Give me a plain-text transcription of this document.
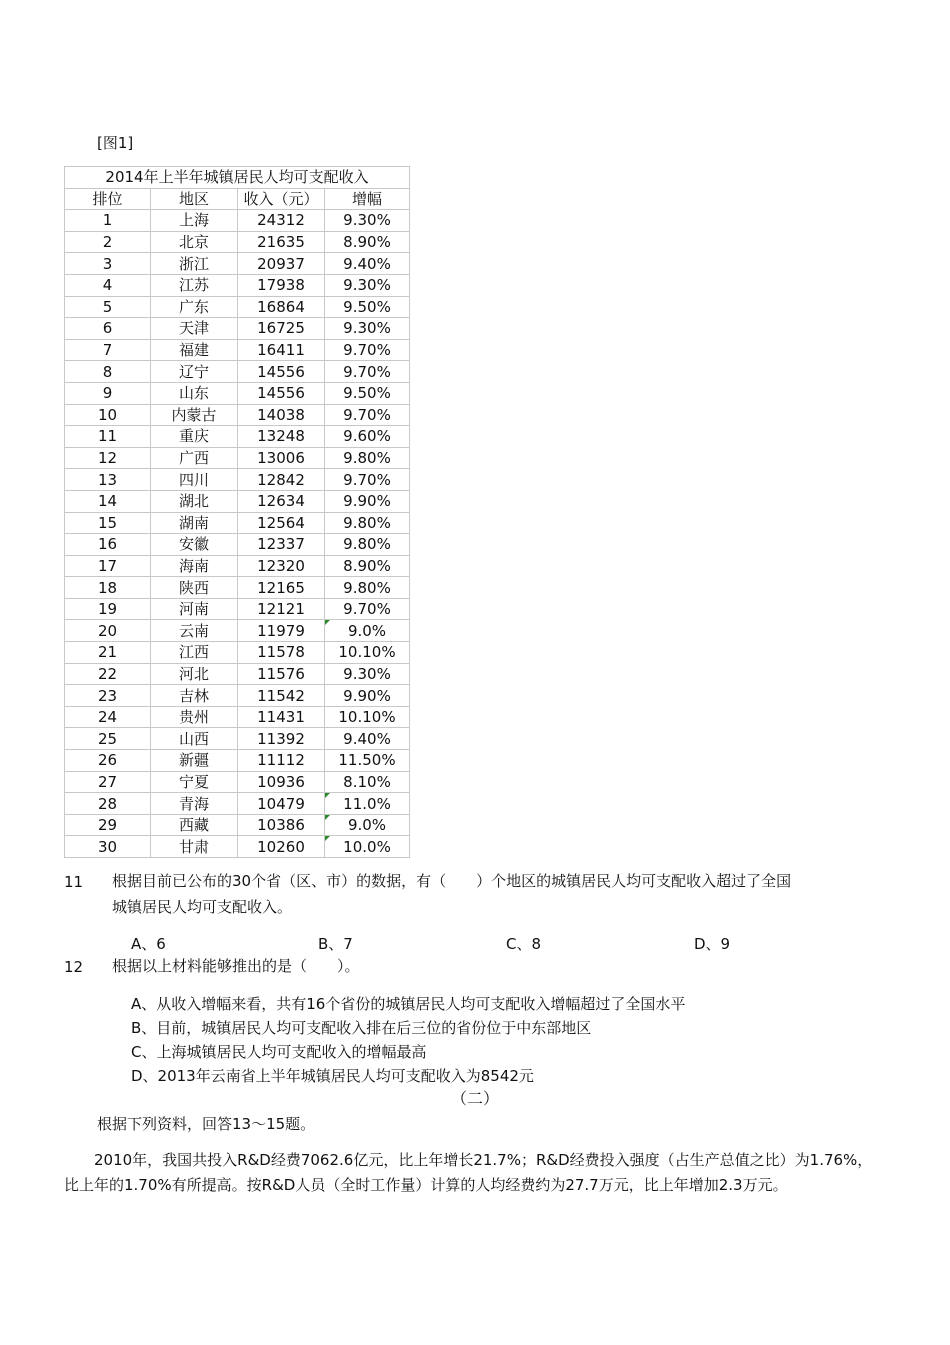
[图1]
2014年上半年城镇居民人均可支配收入			
排位	地区	收入（元）	增幅
1	上海	24312	9.30%
2	北京	21635	8.90%
3	浙江	20937	9.40%
4	江苏	17938	9.30%
5	广东	16864	9.50%
6	天津	16725	9.30%
7	福建	16411	9.70%
8	辽宁	14556	9.70%
9	山东	14556	9.50%
10	内蒙古	14038	9.70%
11	重庆	13248	9.60%
12	广西	13006	9.80%
13	四川	12842	9.70%
14	湖北	12634	9.90%
15	湖南	12564	9.80%
16	安徽	12337	9.80%
17	海南	12320	8.90%
18	陕西	12165	9.80%
19	河南	12121	9.70%
20	云南	11979	9.0%

21	江西	11578	10.10%
22	河北	11576	9.30%
23	吉林	11542	9.90%
24	贵州	11431	10.10%
25	山西	11392	9.40%
26	新疆	11112	11.50%
27	宁夏	10936	8.10%
28	青海	10479	11.0%

29	西藏	10386	9.0%

30	甘肃	10260	10.0%
11 根据目前已公布的30个省（区、市）的数据，有（　　）个地区的城镇居民人均可支配收入超过了全国
城镇居民人均可支配收入。
A、6	B、7	C、8	D、9
12 根据以上材料能够推出的是（　　）。
A、从收入增幅来看，共有16个省份的城镇居民人均可支配收入增幅超过了全国水平
B、目前，城镇居民人均可支配收入排在后三位的省份位于中东部地区
C、上海城镇居民人均可支配收入的增幅最高
D、2013年云南省上半年城镇居民人均可支配收入为8542元
（二）
根据下列资料，回答13～15题。
　　2010年，我国共投入R&D经费7062.6亿元，比上年增长21.7%；R&D经费投入强度（占生产总值之比）为1.76%，比上年的1.70%有所提高。按R&D人员（全时工作量）计算的人均经费约为27.7万元，比上年增加2.3万元。
